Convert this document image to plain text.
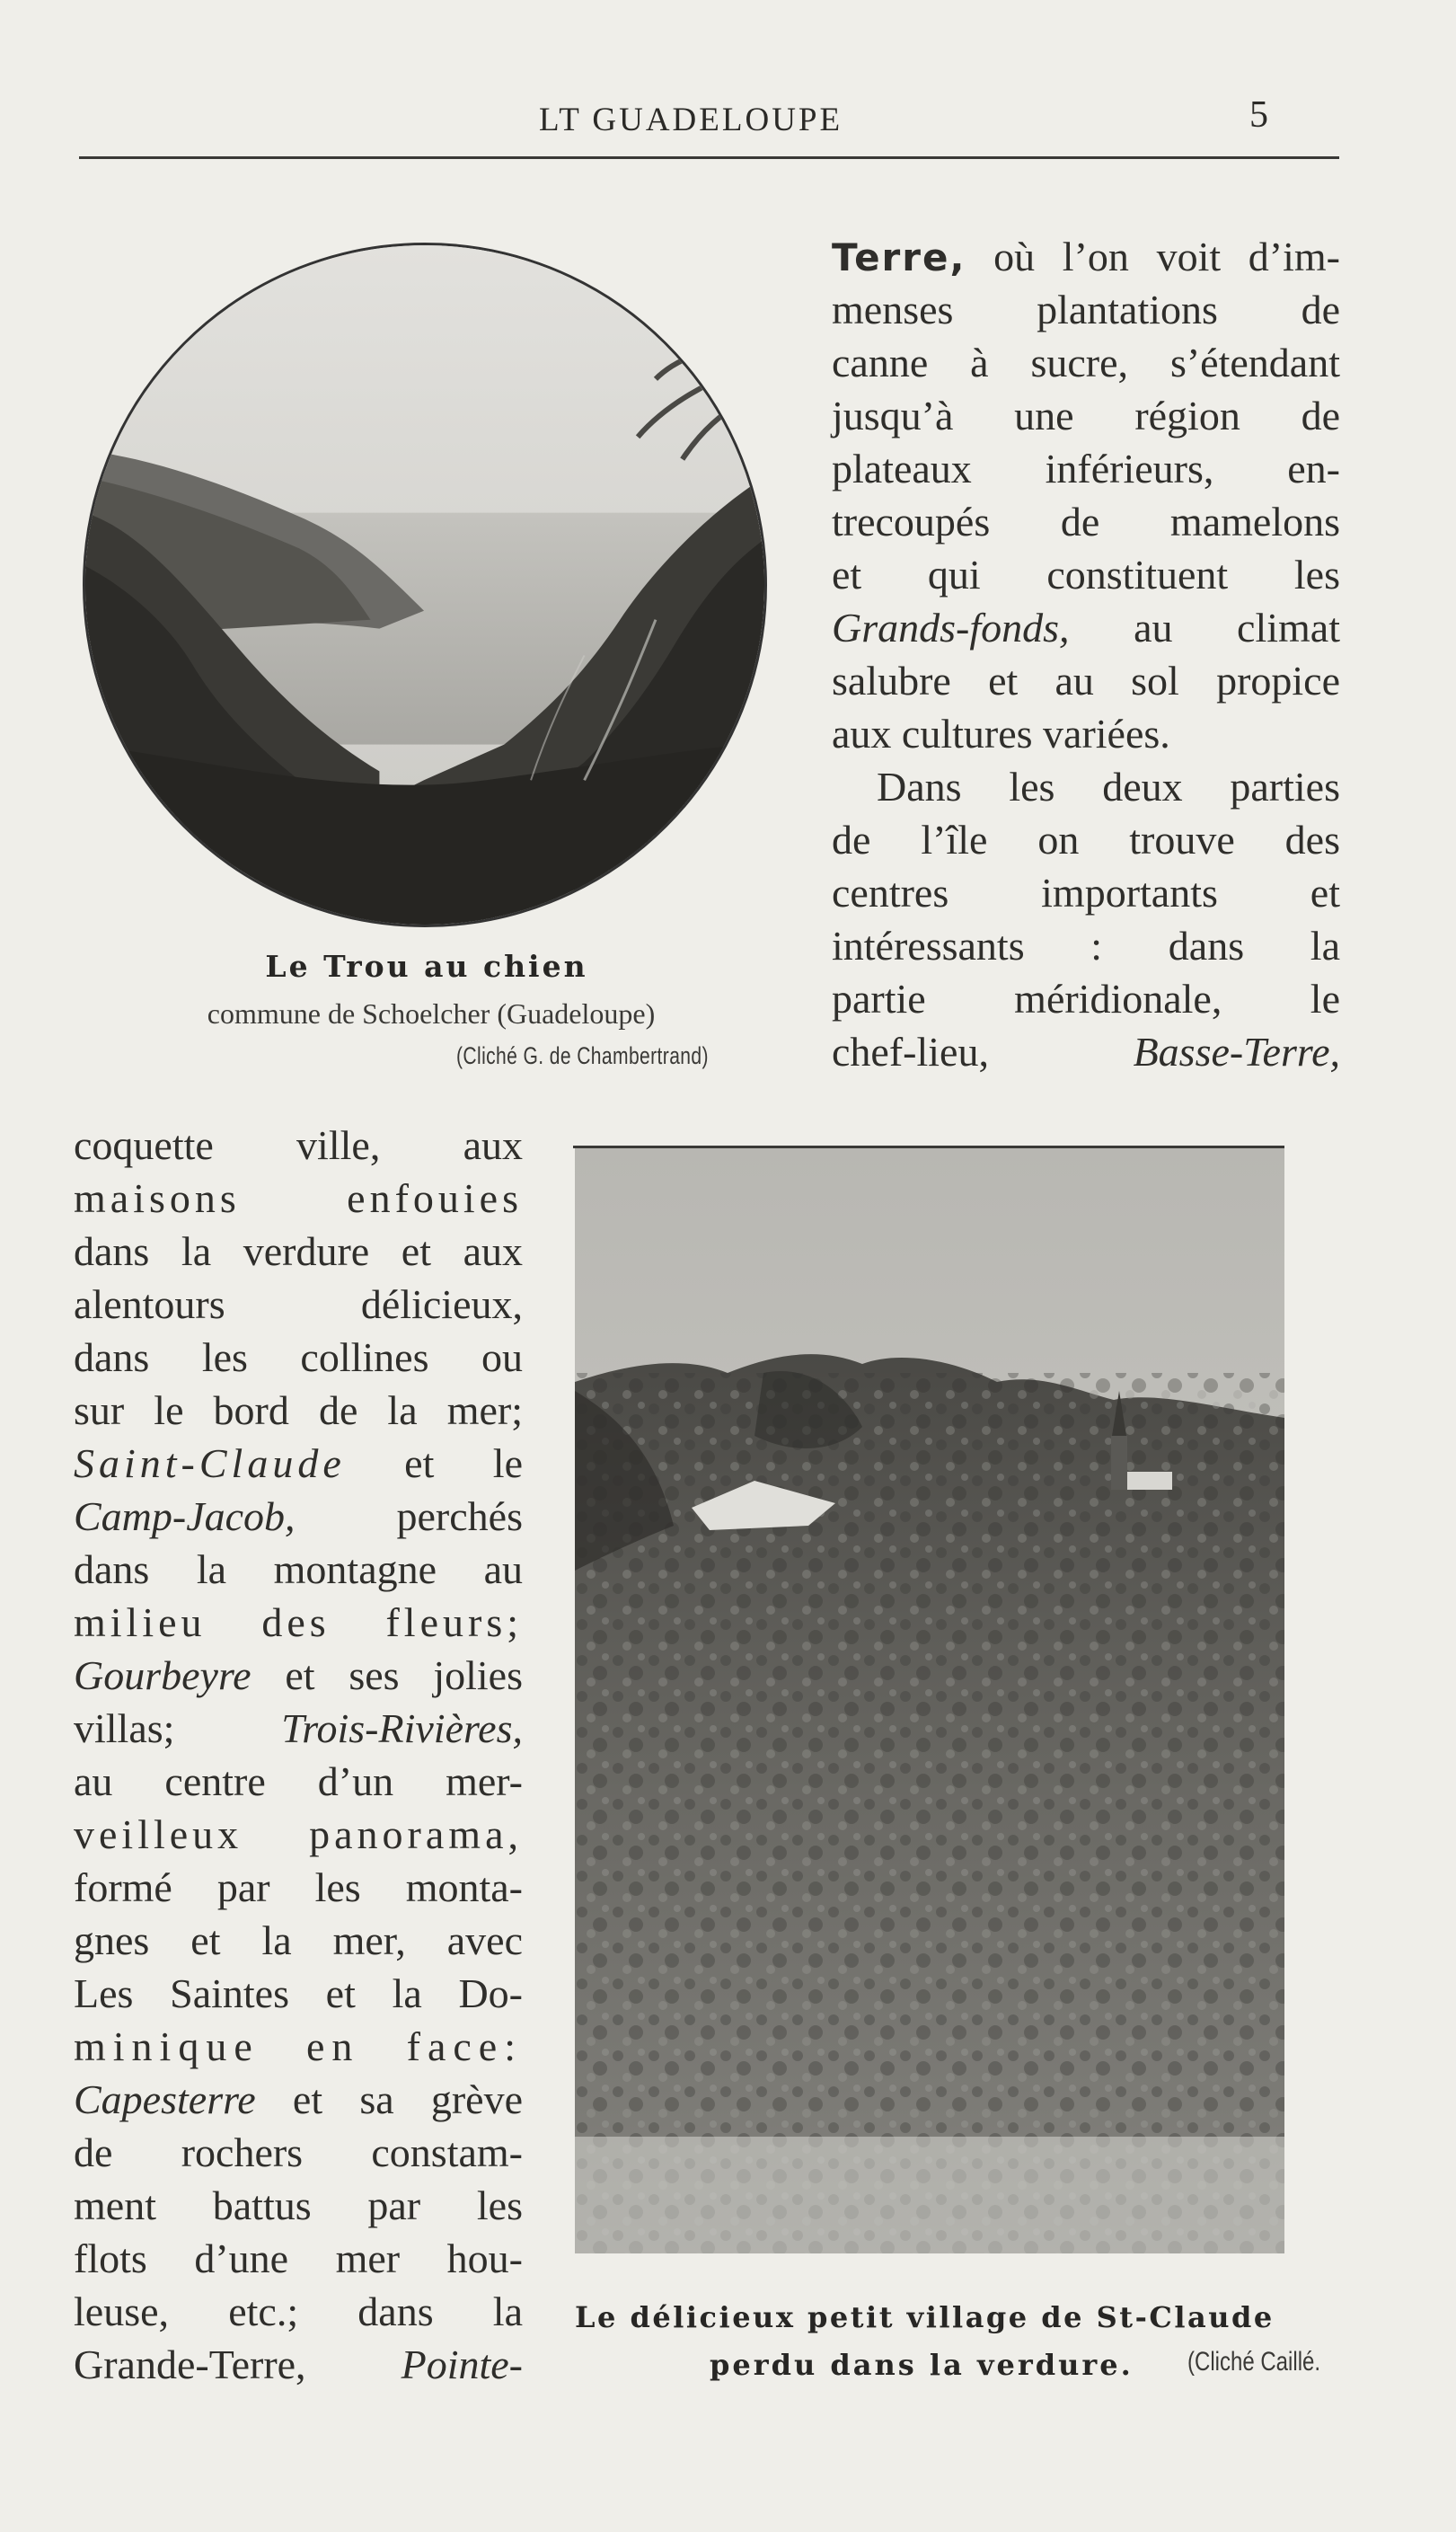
LT GUADELOUPE	5
Le Trou au chien
commune de Schoelcher (Guadeloupe)
(Cliché G. de Chambertrand)
Terre, où l’on voit d’im-
menses plantations de
canne à sucre, s’étendant
jusqu’à une région de
plateaux inférieurs, en-
trecoupés de mamelons
et qui constituent les
Grands-fonds, au climat
salubre et au sol propice
aux cultures variées.
Dans les deux parties
de l’île on trouve des
centres importants et
intéressants : dans la
partie méridionale, le
chef-lieu, Basse-Terre,
coquette ville, aux
maisons enfouies
dans la verdure et aux
alentours délicieux,
dans les collines ou
sur le bord de la mer;
Saint-Claude et le
Camp-Jacob, perchés
dans la montagne au
milieu des fleurs;
Gourbeyre et ses jolies
villas; Trois-Rivières,
au centre d’un mer-
veilleux panorama,
formé par les monta-
gnes et la mer, avec
Les Saintes et la Do-
minique en face:
Capesterre et sa grève
de rochers constam-
ment battus par les
flots d’une mer hou-
leuse, etc.; dans la
Grande-Terre, Pointe-
Le délicieux petit village de St-Claude
perdu dans la verdure. (Cliché Caillé.
